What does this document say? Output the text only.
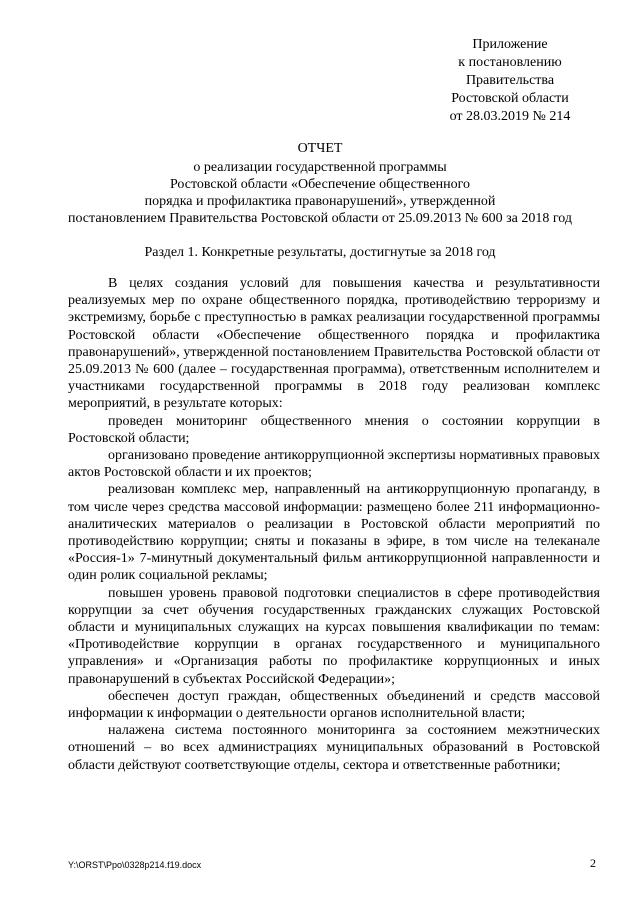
Приложение
к постановлению
Правительства
Ростовской области
от 28.03.2019 № 214
ОТЧЕТ
о реализации государственной программы
Ростовской области «Обеспечение общественного
порядка и профилактика правонарушений», утвержденной
постановлением Правительства Ростовской области от 25.09.2013 № 600 за 2018 год
Раздел 1. Конкретные результаты, достигнутые за 2018 год

В целях создания условий для повышения качества и результативности реализуемых мер по охране общественного порядка, противодействию терроризму и экстремизму, борьбе с преступностью в рамках реализации государственной программы Ростовской области «Обеспечение общественного порядка и профилактика правонарушений», утвержденной постановлением Правительства Ростовской области от 25.09.2013 № 600 (далее – государственная программа), ответственным исполнителем и участниками государственной программы в 2018 году реализован комплекс мероприятий, в результате которых:

проведен мониторинг общественного мнения о состоянии коррупции в Ростовской области;

организовано проведение антикоррупционной экспертизы нормативных правовых актов Ростовской области и их проектов;

реализован комплекс мер, направленный на антикоррупционную пропаганду, в том числе через средства массовой информации: размещено более 211 информационно-аналитических материалов о реализации в Ростовской области мероприятий по противодействию коррупции; сняты и показаны в эфире, в том числе на телеканале «Россия-1» 7-минутный документальный фильм антикоррупционной направленности и один ролик социальной рекламы;

повышен уровень правовой подготовки специалистов в сфере противодействия коррупции за счет обучения государственных гражданских служащих Ростовской области и муниципальных служащих на курсах повышения квалификации по темам: «Противодействие коррупции в органах государственного и муниципального управления» и «Организация работы по профилактике коррупционных и иных правонарушений в субъектах Российской Федерации»;

обеспечен доступ граждан, общественных объединений и средств массовой информации к информации о деятельности органов исполнительной власти;

налажена система постоянного мониторинга за состоянием межэтнических отношений – во всех администрациях муниципальных образований в Ростовской области действуют соответствующие отделы, сектора и ответственные работники;

Y:\ORST\Ppo\0328p214.f19.docx	2
